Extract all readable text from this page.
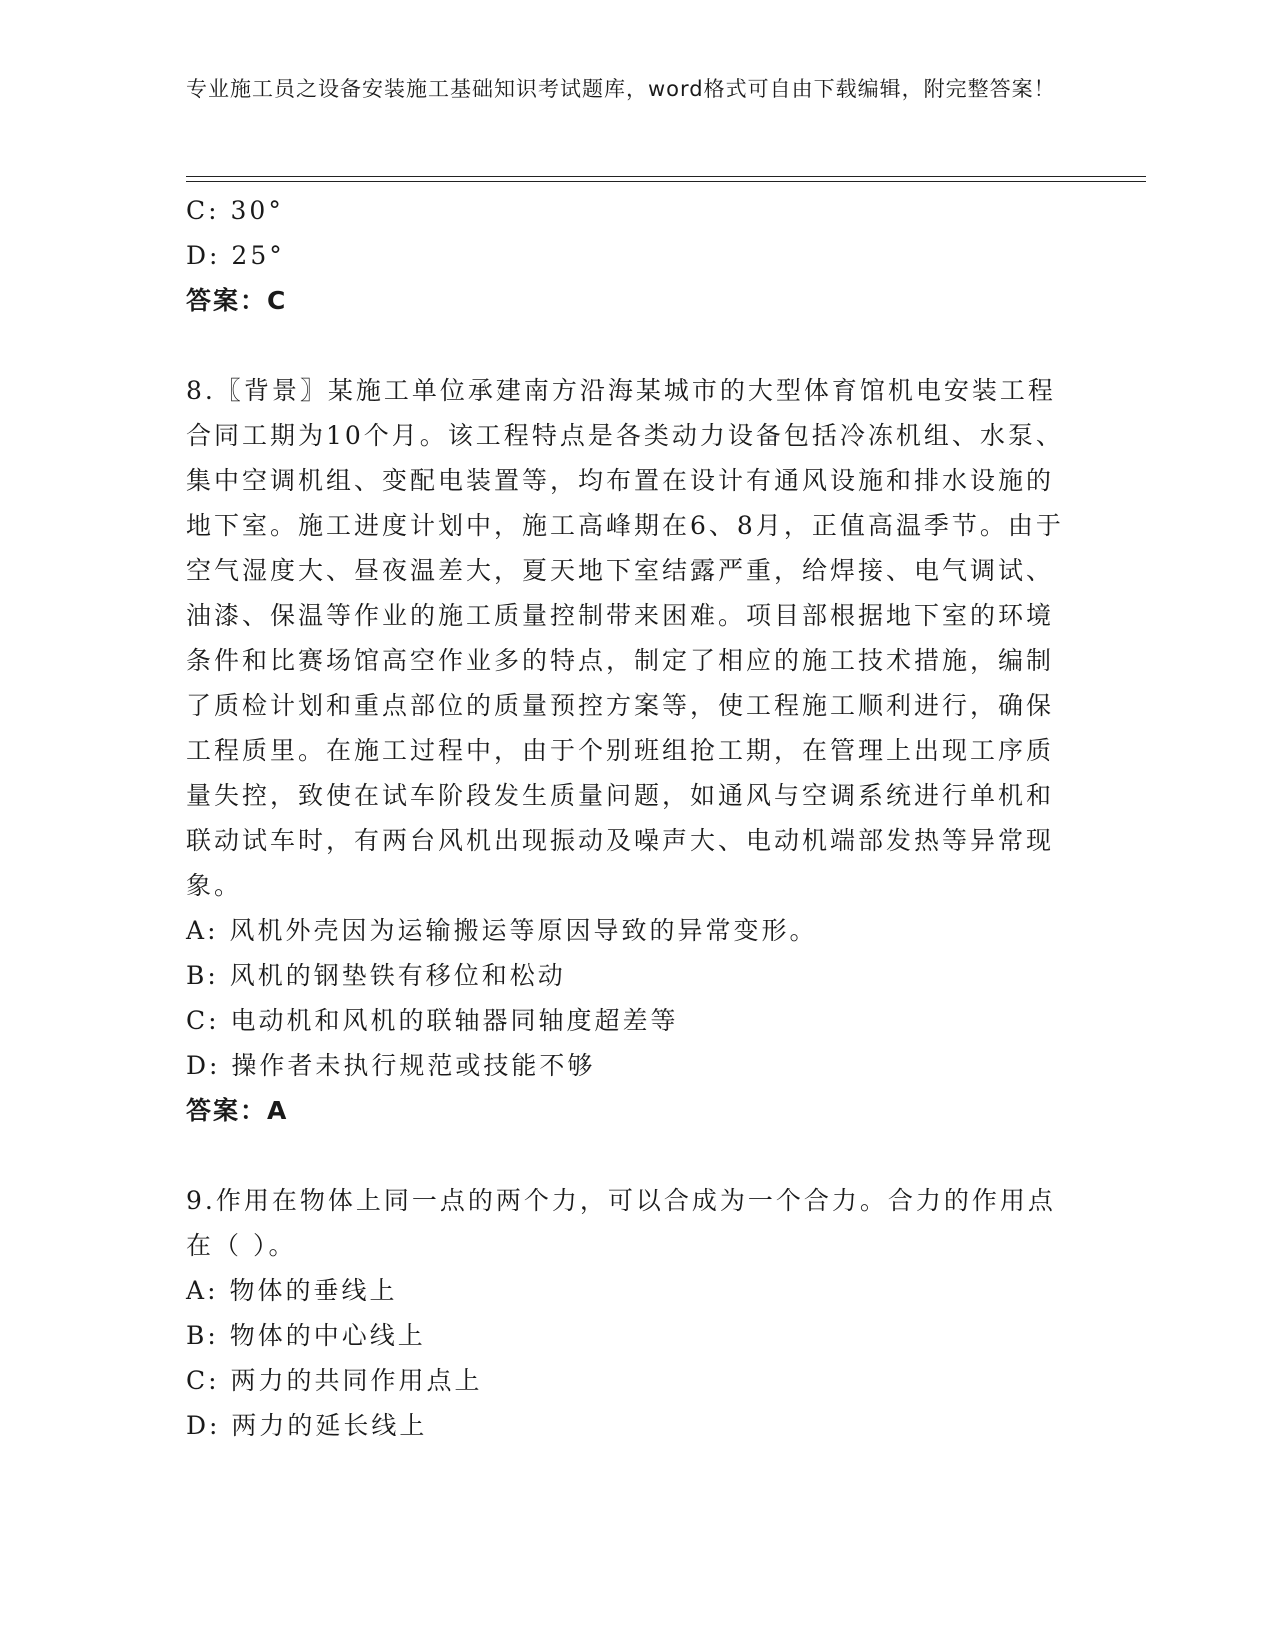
专业施工员之设备安装施工基础知识考试题库，word格式可自由下载编辑，附完整答案！
C: 30°
D: 25°
答案：C
8.〖背景〗某施工单位承建南方沿海某城市的大型体育馆机电安装工程合同工期为10个月。该工程特点是各类动力设备包括冷冻机组、水泵、集中空调机组、变配电装置等，均布置在设计有通风设施和排水设施的地下室。施工进度计划中，施工高峰期在6、8月，正值高温季节。由于空气湿度大、昼夜温差大，夏天地下室结露严重，给焊接、电气调试、油漆、保温等作业的施工质量控制带来困难。项目部根据地下室的环境条件和比赛场馆高空作业多的特点，制定了相应的施工技术措施，编制了质检计划和重点部位的质量预控方案等，使工程施工顺利进行，确保工程质里。在施工过程中，由于个别班组抢工期，在管理上出现工序质量失控，致使在试车阶段发生质量问题，如通风与空调系统进行单机和联动试车时，有两台风机出现振动及噪声大、电动机端部发热等异常现象。
A: 风机外壳因为运输搬运等原因导致的异常变形。
B: 风机的钢垫铁有移位和松动
C: 电动机和风机的联轴器同轴度超差等
D: 操作者未执行规范或技能不够
答案：A
9.作用在物体上同一点的两个力，可以合成为一个合力。合力的作用点在（ ）。
A: 物体的垂线上
B: 物体的中心线上
C: 两力的共同作用点上
D: 两力的延长线上
